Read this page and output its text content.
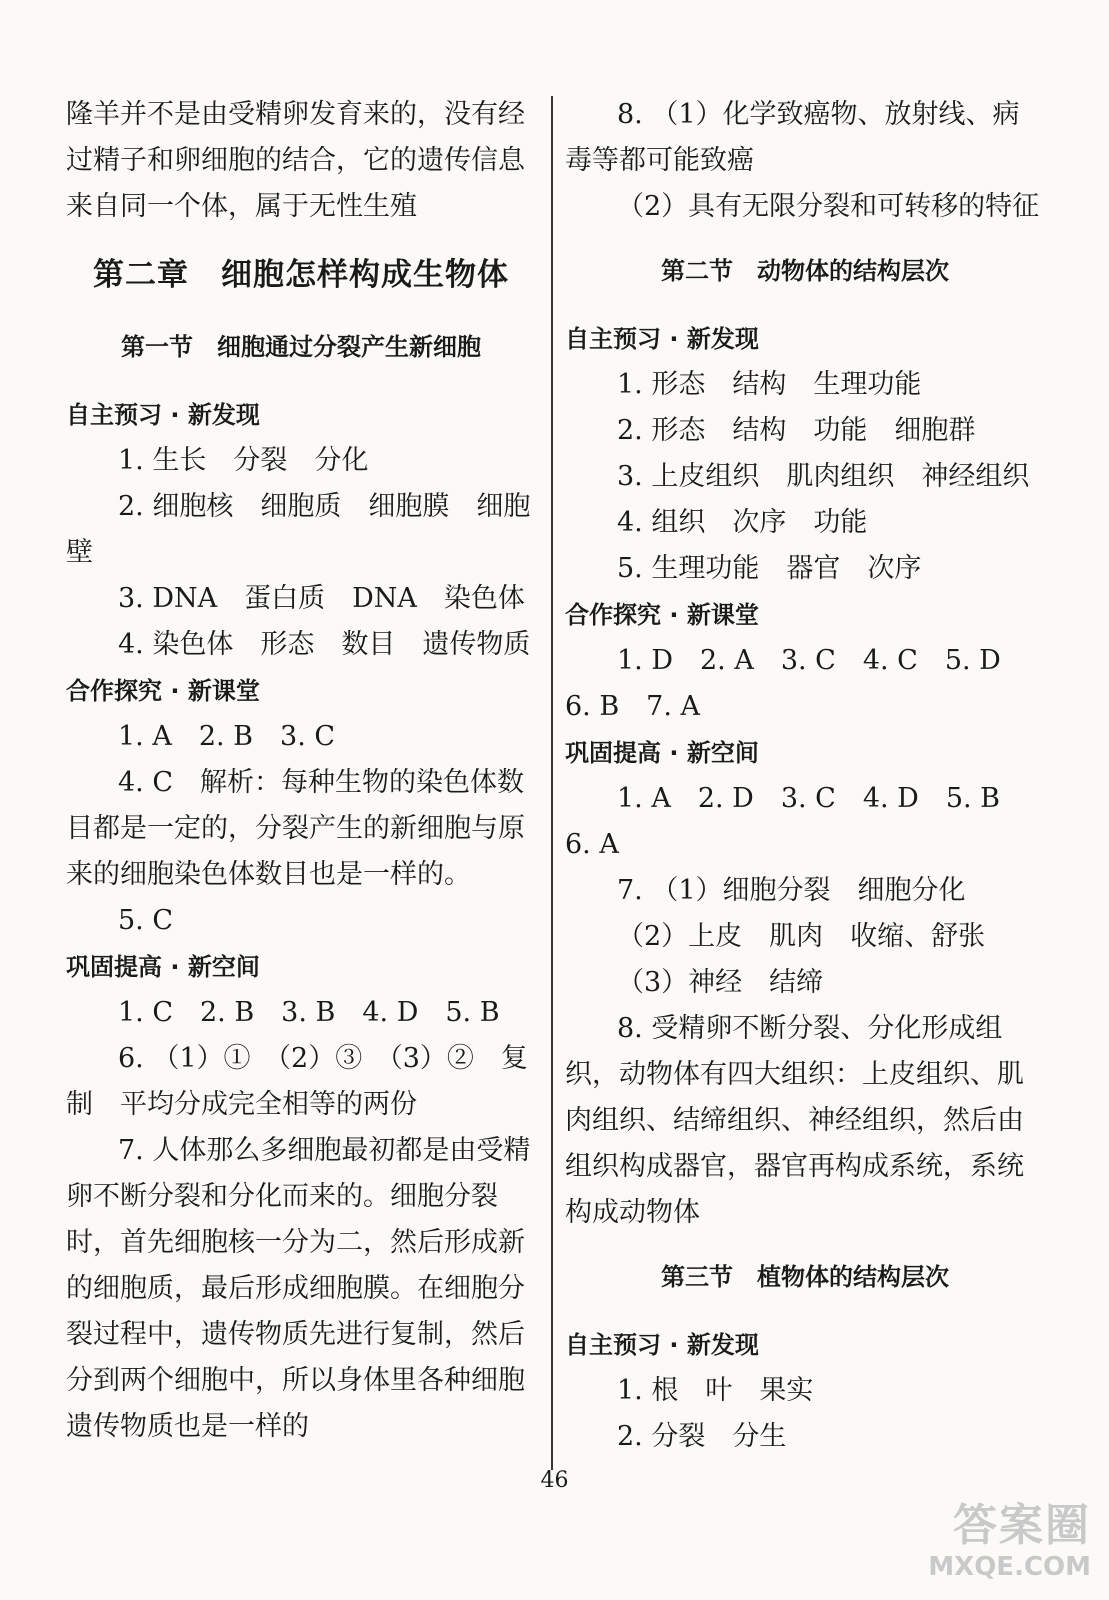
隆羊并不是由受精卵发育来的，没有经过精子和卵细胞的结合，它的遗传信息来自同一个体，属于无性生殖

第二章　细胞怎样构成生物体
第一节　细胞通过分裂产生新细胞

自主预习 · 新发现

1. 生长　分裂　分化

2. 细胞核　细胞质　细胞膜　细胞壁

3. DNA　蛋白质　DNA　染色体

4. 染色体　形态　数目　遗传物质

合作探究 · 新课堂

1. A　2. B　3. C

4. C　解析：每种生物的染色体数目都是一定的，分裂产生的新细胞与原来的细胞染色体数目也是一样的。

5. C

巩固提高 · 新空间

1. C　2. B　3. B　4. D　5. B

6. （1）①　（2）③　（3）②　复制　平均分成完全相等的两份

7. 人体那么多细胞最初都是由受精卵不断分裂和分化而来的。细胞分裂时，首先细胞核一分为二，然后形成新的细胞质，最后形成细胞膜。在细胞分裂过程中，遗传物质先进行复制，然后分到两个细胞中，所以身体里各种细胞遗传物质也是一样的

8. （1）化学致癌物、放射线、病毒等都可能致癌

（2）具有无限分裂和可转移的特征

第二节　动物体的结构层次

自主预习 · 新发现

1. 形态　结构　生理功能

2. 形态　结构　功能　细胞群

3. 上皮组织　肌肉组织　神经组织

4. 组织　次序　功能

5. 生理功能　器官　次序

合作探究 · 新课堂

1. D　2. A　3. C　4. C　5. D　6. B　7. A

巩固提高 · 新空间

1. A　2. D　3. C　4. D　5. B　6. A

7. （1）细胞分裂　细胞分化

（2）上皮　肌肉　收缩、舒张

（3）神经　结缔

8. 受精卵不断分裂、分化形成组织，动物体有四大组织：上皮组织、肌肉组织、结缔组织、神经组织，然后由组织构成器官，器官再构成系统，系统构成动物体

第三节　植物体的结构层次

自主预习 · 新发现

1. 根　叶　果实

2. 分裂　分生

46
答案圈
MXQE.COM
